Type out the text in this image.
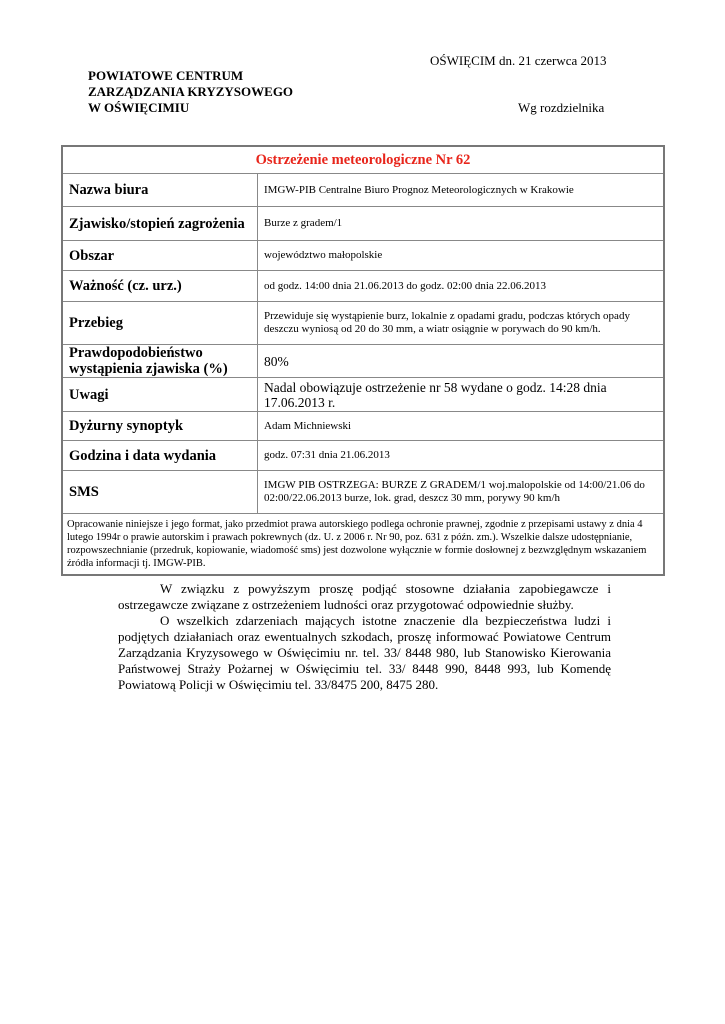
OŚWIĘCIM dn. 21 czerwca 2013
POWIATOWE CENTRUM
ZARZĄDZANIA KRYZYSOWEGO
W OŚWIĘCIMIU	Wg rozdzielnika
Ostrzeżenie meteorologiczne Nr 62	
Nazwa biura	IMGW-PIB Centralne Biuro Prognoz Meteorologicznych w Krakowie
Zjawisko/stopień zagrożenia	Burze z gradem/1
Obszar	województwo małopolskie
Ważność (cz. urz.)	od godz. 14:00 dnia 21.06.2013 do godz. 02:00 dnia 22.06.2013
Przebieg	Przewiduje się wystąpienie burz, lokalnie z opadami gradu, podczas których opady deszczu wyniosą od 20 do 30 mm, a wiatr osiągnie w porywach do 90 km/h.
Prawdopodobieństwo wystąpienia zjawiska (%)	80%
Uwagi	Nadal obowiązuje ostrzeżenie nr 58 wydane o godz. 14:28 dnia 17.06.2013 r.
Dyżurny synoptyk	Adam Michniewski
Godzina i data wydania	godz. 07:31 dnia 21.06.2013
SMS	IMGW PIB OSTRZEGA: BURZE Z GRADEM/1 woj.malopolskie od 14:00/21.06 do 02:00/22.06.2013 burze, lok. grad, deszcz 30 mm, porywy 90 km/h
Opracowanie niniejsze i jego format, jako przedmiot prawa autorskiego podlega ochronie prawnej, zgodnie z przepisami ustawy z dnia 4 lutego 1994r o prawie autorskim i prawach pokrewnych (dz. U. z 2006 r. Nr 90, poz. 631 z późn. zm.). Wszelkie dalsze udostępnianie, rozpowszechnianie (przedruk, kopiowanie, wiadomość sms) jest dozwolone wyłącznie w formie dosłownej z bezwzględnym wskazaniem źródła informacji tj. IMGW-PIB.	

W związku z powyższym proszę podjąć stosowne działania zapobiegawcze i ostrzegawcze związane z ostrzeżeniem ludności oraz przygotować odpowiednie służby.

O wszelkich zdarzeniach mających istotne znaczenie dla bezpieczeństwa ludzi i podjętych działaniach oraz ewentualnych szkodach, proszę informować Powiatowe Centrum Zarządzania Kryzysowego w Oświęcimiu nr. tel. 33/ 8448 980, lub Stanowisko Kierowania Państwowej Straży Pożarnej w Oświęcimiu tel. 33/ 8448 990, 8448 993, lub Komendę Powiatową Policji w Oświęcimiu tel. 33/8475 200, 8475 280.
